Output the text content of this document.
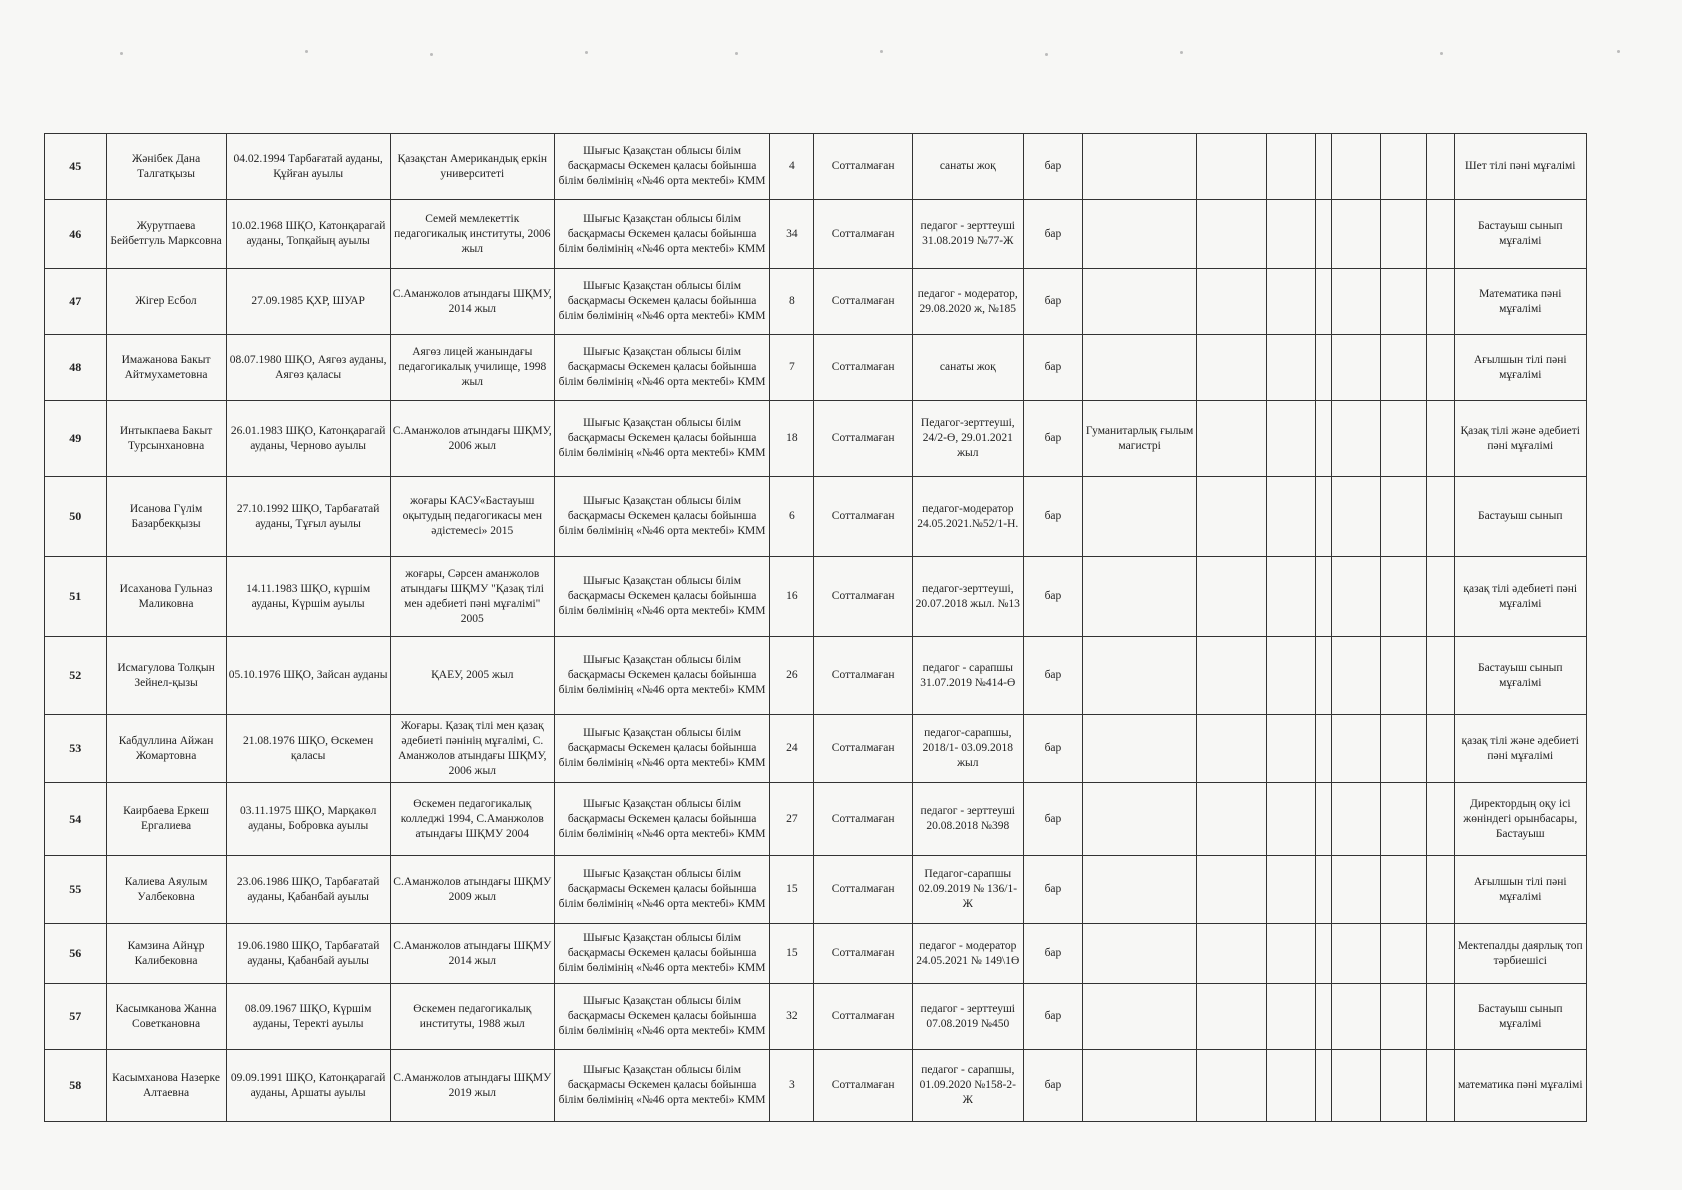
45	Жәнібек Дана Талгатқызы	04.02.1994 Тарбағатай ауданы, Құйған ауылы	Қазақстан Американдық еркін университеті	Шығыс Қазақстан облысы білім басқармасы Өскемен қаласы бойынша білім бөлімінің «№46 орта мектебі» КММ	4	Сотталмаған	санаты жоқ	бар								Шет тілі пәні мұғалімі
46	Журутпаева Бейбетгуль Марксовна	10.02.1968 ШҚО, Катонқарагай ауданы, Топқайың ауылы	Семей мемлекеттік педагогикалық институты, 2006 жыл	Шығыс Қазақстан облысы білім басқармасы Өскемен қаласы бойынша білім бөлімінің «№46 орта мектебі» КММ	34	Сотталмаған	педагог - зерттеуші 31.08.2019 №77-Ж	бар								Бастауыш сынып мұғалімі
47	Жігер Есбол	27.09.1985 ҚХР, ШУАР	С.Аманжолов атындағы ШҚМУ, 2014 жыл	Шығыс Қазақстан облысы білім басқармасы Өскемен қаласы бойынша білім бөлімінің «№46 орта мектебі» КММ	8	Сотталмаған	педагог - модератор, 29.08.2020 ж, №185	бар								Математика пәні мұғалімі
48	Имажанова Бакыт Айтмухаметовна	08.07.1980 ШҚО, Аягөз ауданы, Аягөз қаласы	Аягөз лицей жанындағы педагогикалық училище, 1998 жыл	Шығыс Қазақстан облысы білім басқармасы Өскемен қаласы бойынша білім бөлімінің «№46 орта мектебі» КММ	7	Сотталмаған	санаты жоқ	бар								Ағылшын тілі пәні мұғалімі
49	Интыкпаева Бакыт Турсынхановна	26.01.1983 ШҚО, Катонқарагай ауданы, Черново ауылы	С.Аманжолов атындағы ШҚМУ, 2006 жыл	Шығыс Қазақстан облысы білім басқармасы Өскемен қаласы бойынша білім бөлімінің «№46 орта мектебі» КММ	18	Сотталмаған	Педагог-зерттеуші, 24/2-Ө, 29.01.2021 жыл	бар	Гуманитарлық ғылым магистрі							Қазақ тілі және әдебиеті пәні мұғалімі
50	Исанова Гүлім Базарбекқызы	27.10.1992 ШҚО, Тарбағатай ауданы, Тұғыл ауылы	жоғары КАСУ«Бастауыш оқытудың педагогикасы мен әдістемесі» 2015	Шығыс Қазақстан облысы білім басқармасы Өскемен қаласы бойынша білім бөлімінің «№46 орта мектебі» КММ	6	Сотталмаған	педагог-модератор 24.05.2021.№52/1-Н.	бар								Бастауыш сынып
51	Исаханова Гульназ Маликовна	14.11.1983 ШҚО, күршім ауданы, Күршім ауылы	жоғары, Сәрсен аманжолов атындағы ШҚМУ "Қазақ тілі мен әдебиеті пәні мұғалімі" 2005	Шығыс Қазақстан облысы білім басқармасы Өскемен қаласы бойынша білім бөлімінің «№46 орта мектебі» КММ	16	Сотталмаған	педагог-зерттеуші, 20.07.2018 жыл. №13	бар								қазақ тілі әдебиеті пәні мұғалімі
52	Исмагулова Толқын Зейнел-қызы	05.10.1976 ШҚО, Зайсан ауданы	ҚАЕУ, 2005 жыл	Шығыс Қазақстан облысы білім басқармасы Өскемен қаласы бойынша білім бөлімінің «№46 орта мектебі» КММ	26	Сотталмаған	педагог - сарапшы 31.07.2019 №414-Ө	бар								Бастауыш сынып мұғалімі
53	Кабдуллина Айжан Жомартовна	21.08.1976 ШҚО, Өскемен қаласы	Жоғары. Қазақ тілі мен қазақ әдебиеті пәнінің мұғалімі, С. Аманжолов атындағы ШҚМУ, 2006 жыл	Шығыс Қазақстан облысы білім басқармасы Өскемен қаласы бойынша білім бөлімінің «№46 орта мектебі» КММ	24	Сотталмаған	педагог-сарапшы, 2018/1- 03.09.2018 жыл	бар								қазақ тілі және әдебиеті пәні мұғалімі
54	Каирбаева Еркеш Ергалиева	03.11.1975 ШҚО, Марқакөл ауданы, Бобровка ауылы	Өскемен педагогикалық колледжі 1994, С.Аманжолов атындағы ШҚМУ 2004	Шығыс Қазақстан облысы білім басқармасы Өскемен қаласы бойынша білім бөлімінің «№46 орта мектебі» КММ	27	Сотталмаған	педагог - зерттеуші 20.08.2018 №398	бар								Директордың оқу ісі жөніндегі орынбасары, Бастауыш
55	Калиева Аяулым Уалбековна	23.06.1986 ШҚО, Тарбағатай ауданы, Қабанбай ауылы	С.Аманжолов атындағы ШҚМУ 2009 жыл	Шығыс Қазақстан облысы білім басқармасы Өскемен қаласы бойынша білім бөлімінің «№46 орта мектебі» КММ	15	Сотталмаған	Педагог-сарапшы 02.09.2019 № 136/1-Ж	бар								Ағылшын тілі пәні мұғалімі
56	Камзина Айнұр Калибековна	19.06.1980 ШҚО, Тарбағатай ауданы, Қабанбай ауылы	С.Аманжолов атындағы ШҚМУ 2014 жыл	Шығыс Қазақстан облысы білім басқармасы Өскемен қаласы бойынша білім бөлімінің «№46 орта мектебі» КММ	15	Сотталмаған	педагог - модератор 24.05.2021 № 149\1Ө	бар								Мектепалды даярлық топ тәрбиешісі
57	Касымканова Жанна Советкановна	08.09.1967 ШҚО, Күршім ауданы, Теректі ауылы	Өскемен педагогикалық институты, 1988 жыл	Шығыс Қазақстан облысы білім басқармасы Өскемен қаласы бойынша білім бөлімінің «№46 орта мектебі» КММ	32	Сотталмаған	педагог - зерттеуші 07.08.2019 №450	бар								Бастауыш сынып мұғалімі
58	Касымханова Назерке Алтаевна	09.09.1991 ШҚО, Катонқарагай ауданы, Аршаты ауылы	С.Аманжолов атындағы ШҚМУ 2019 жыл	Шығыс Қазақстан облысы білім басқармасы Өскемен қаласы бойынша білім бөлімінің «№46 орта мектебі» КММ	3	Сотталмаған	педагог - сарапшы, 01.09.2020 №158-2-Ж	бар								математика пәні мұғалімі
